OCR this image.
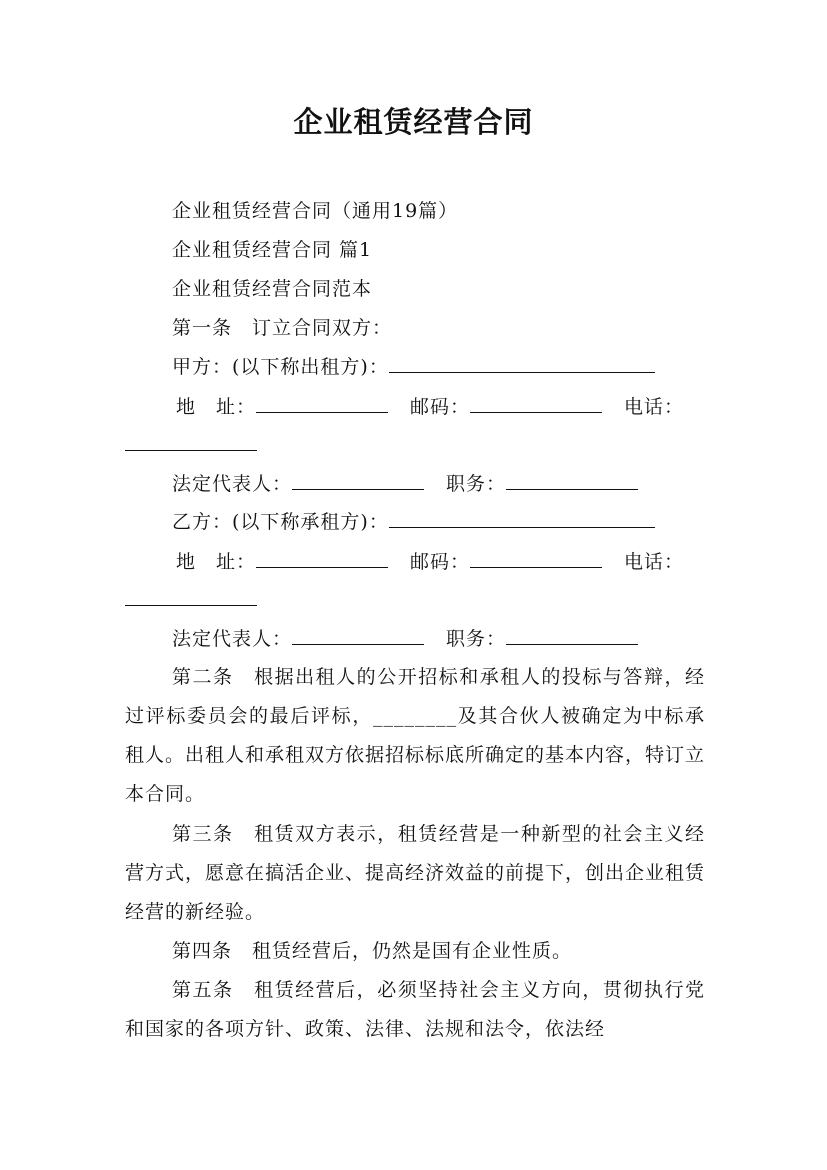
企业租赁经营合同
企业租赁经营合同（通用19篇）
企业租赁经营合同 篇1
企业租赁经营合同范本
第一条　订立合同双方：
甲方：(以下称出租方)：
地　址：	邮码：	电话：
法定代表人：	职务：
乙方：(以下称承租方)：
地　址：	邮码：	电话：
法定代表人：	职务：
第二条　根据出租人的公开招标和承租人的投标与答辩，经过评标委员会的最后评标，________及其合伙人被确定为中标承租人。出租人和承租双方依据招标标底所确定的基本内容，特订立本合同。
第三条　租赁双方表示，租赁经营是一种新型的社会主义经营方式，愿意在搞活企业、提高经济效益的前提下，创出企业租赁经营的新经验。
第四条　租赁经营后，仍然是国有企业性质。
第五条　租赁经营后，必须坚持社会主义方向，贯彻执行党和国家的各项方针、政策、法律、法规和法令，依法经
